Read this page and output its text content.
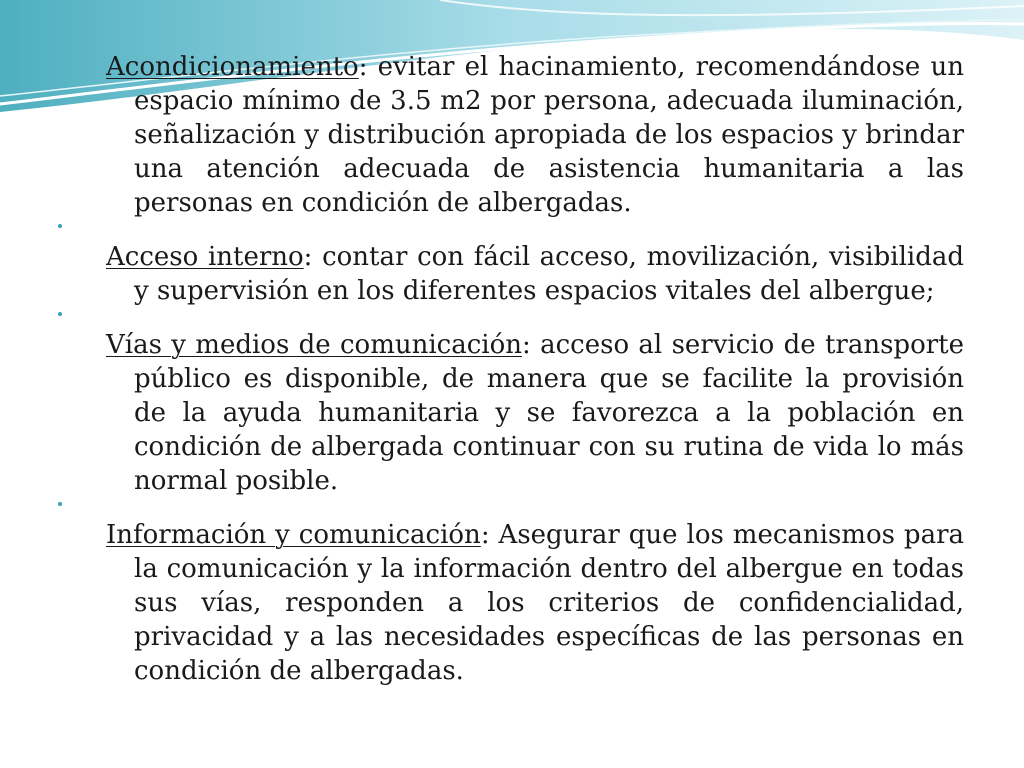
Acondicionamiento: evitar el hacinamiento, recomendándose un espacio mínimo de 3.5 m2 por persona, adecuada iluminación, señalización y distribución apropiada de los espacios y brindar una atención adecuada de asistencia humanitaria a las personas en condición de albergadas.

Acceso interno: contar con fácil acceso, movilización, visibilidad y supervisión en los diferentes espacios vitales del albergue;

Vías y medios de comunicación: acceso al servicio de transporte público es disponible, de manera que se facilite la provisión de la ayuda humanitaria y se favorezca a la población en condición de albergada continuar con su rutina de vida lo más normal posible.

Información y comunicación: Asegurar que los mecanismos para la comunicación y la información dentro del albergue en todas sus vías, responden a los criterios de confidencialidad, privacidad y a las necesidades específicas de las personas en condición de albergadas.
